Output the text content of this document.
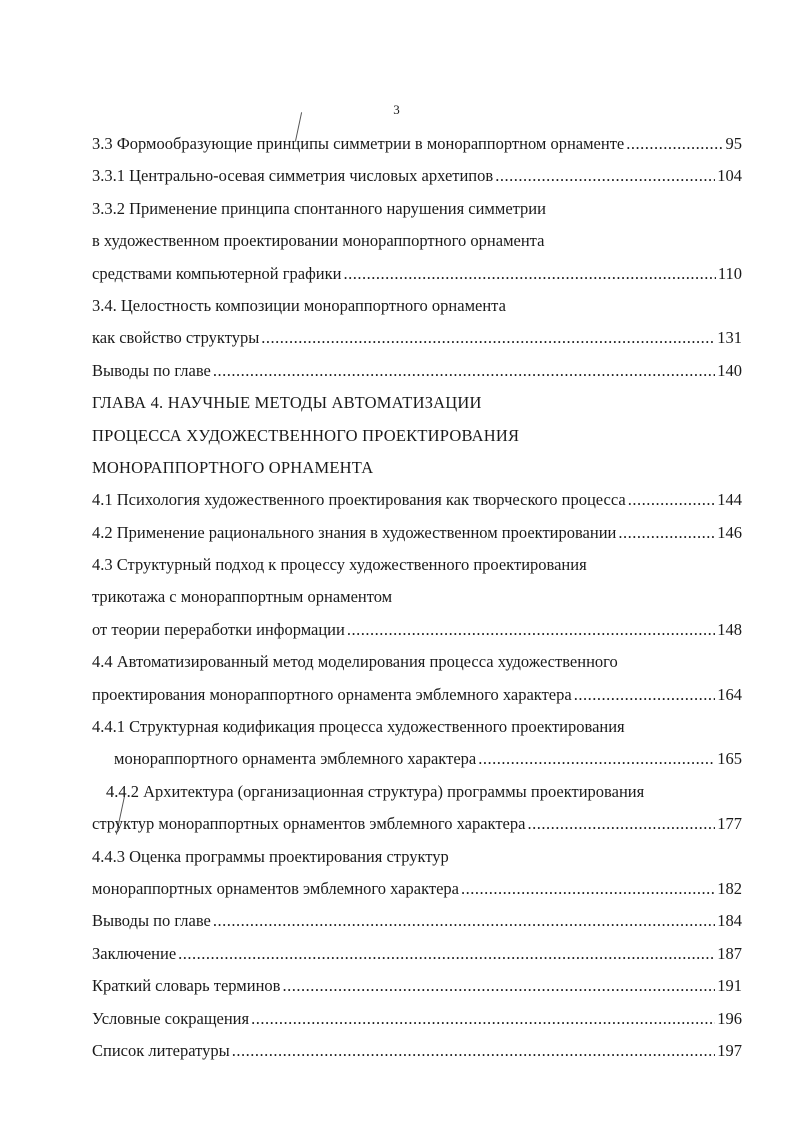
3
3.3 Формообразующие принципы симметрии в монораппортном орнаменте .....	95
3.3.1 Центрально-осевая симметрия числовых архетипов .....	104
3.3.2 Применение принципа спонтанного нарушения симметрии
в художественном проектировании монораппортного орнамента
средствами компьютерной графики .....	110
3.4. Целостность композиции монораппортного орнамента
как свойство структуры .....	131
Выводы по главе .....	140
ГЛАВА 4. НАУЧНЫЕ МЕТОДЫ АВТОМАТИЗАЦИИ
ПРОЦЕССА ХУДОЖЕСТВЕННОГО ПРОЕКТИРОВАНИЯ
МОНОРАППОРТНОГО ОРНАМЕНТА
4.1 Психология художественного проектирования как творческого процесса .....	144
4.2 Применение рационального знания в художественном проектировании .....	146
4.3 Структурный подход к процессу художественного проектирования
трикотажа с монораппортным орнаментом
от теории переработки информации .....	148
4.4 Автоматизированный метод моделирования процесса художественного
проектирования монораппортного орнамента эмблемного характера .....	164
4.4.1 Структурная кодификация процесса художественного проектирования
монораппортного орнамента эмблемного характера .....	165
4.4.2 Архитектура (организационная структура) программы проектирования
структур монораппортных орнаментов эмблемного характера .....	177
4.4.3 Оценка программы проектирования структур
монораппортных орнаментов эмблемного характера .....	182
Выводы по главе .....	184
Заключение .....	187
Краткий словарь терминов .....	191
Условные сокращения .....	196
Список литературы .....	197
